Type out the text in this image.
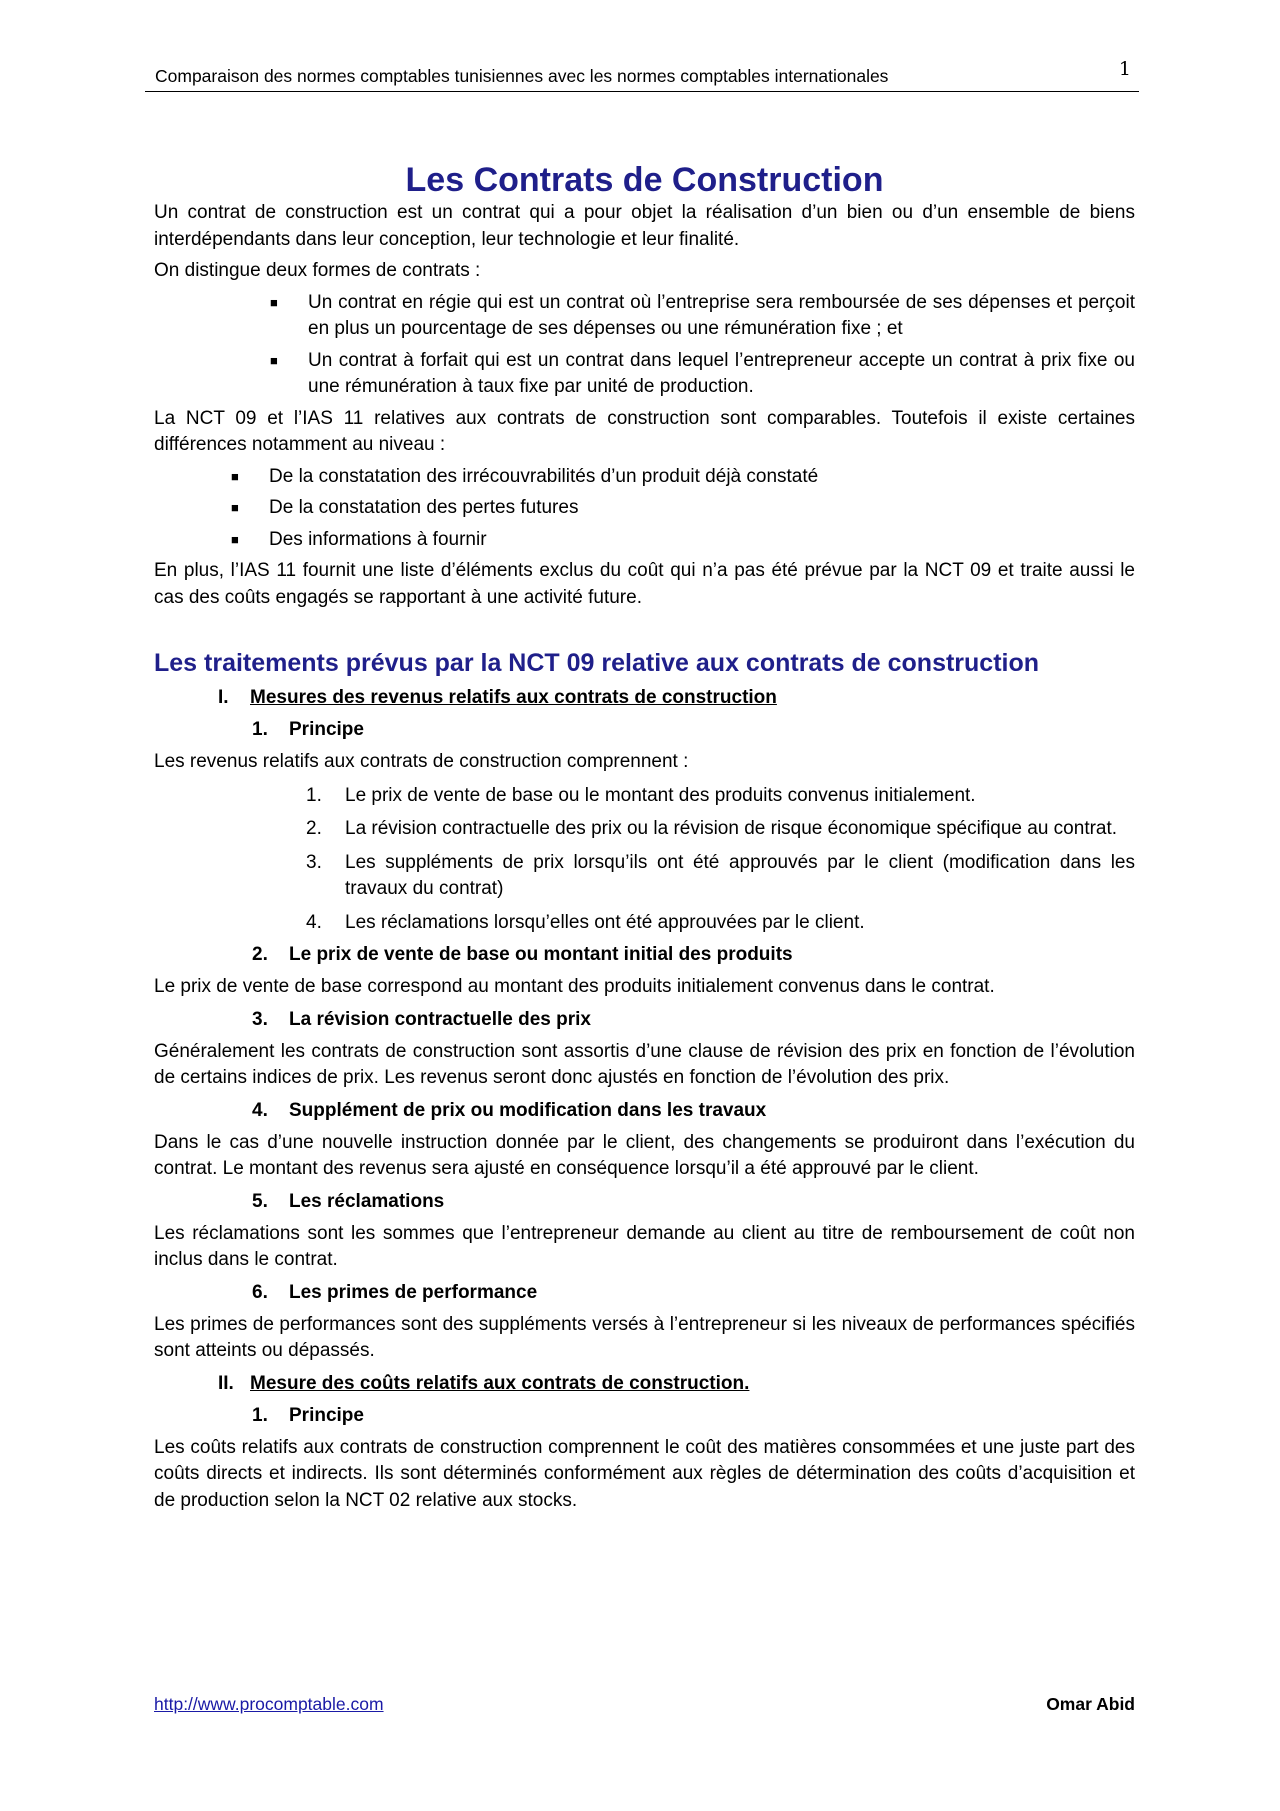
Comparaison des normes comptables tunisiennes avec les normes comptables internationales	1
Les Contrats de Construction

Un contrat de construction est un contrat qui a pour objet la réalisation d’un bien ou d’un ensemble de biens interdépendants dans leur conception, leur technologie et leur finalité.

On distingue deux formes de contrats :

■ Un contrat en régie qui est un contrat où l’entreprise sera remboursée de ses dépenses et perçoit en plus un pourcentage de ses dépenses ou une rémunération fixe ; et
■ Un contrat à forfait qui est un contrat dans lequel l’entrepreneur accepte un contrat à prix fixe ou une rémunération à taux fixe par unité de production.

La NCT 09 et l’IAS 11 relatives aux contrats de construction sont comparables. Toutefois il existe certaines différences notamment au niveau :

■ De la constatation des irrécouvrabilités d’un produit déjà constaté
■ De la constatation des pertes futures
■ Des informations à fournir

En plus, l’IAS 11 fournit une liste d’éléments exclus du coût qui n’a pas été prévue par la NCT 09 et traite aussi le cas des coûts engagés se rapportant à une activité future.

Les traitements prévus par la NCT 09 relative aux contrats de construction
I.	Mesures des revenus relatifs aux contrats de construction
1.	Principe

Les revenus relatifs aux contrats de construction comprennent :

1.	Le prix de vente de base ou le montant des produits convenus initialement.
2.	La révision contractuelle des prix ou la révision de risque économique spécifique au contrat.
3.	Les suppléments de prix lorsqu’ils ont été approuvés par le client (modification dans les travaux du contrat)
4.	Les réclamations lorsqu’elles ont été approuvées par le client.
2.	Le prix de vente de base ou montant initial des produits

Le prix de vente de base correspond au montant des produits initialement convenus dans le contrat.

3.	La révision contractuelle des prix

Généralement les contrats de construction sont assortis d’une clause de révision des prix en fonction de l’évolution de certains indices de prix. Les revenus seront donc ajustés en fonction de l’évolution des prix.

4.	Supplément de prix ou modification dans les travaux

Dans le cas d’une nouvelle instruction donnée par le client, des changements se produiront dans l’exécution du contrat. Le montant des revenus sera ajusté en conséquence lorsqu’il a été approuvé par le client.

5.	Les réclamations

Les réclamations sont les sommes que l’entrepreneur demande au client au titre de remboursement de coût non inclus dans le contrat.

6.	Les primes de performance

Les primes de performances sont des suppléments versés à l’entrepreneur si les niveaux de performances spécifiés sont atteints ou dépassés.

II. Mesure des coûts relatifs aux contrats de construction.
1.	Principe

Les coûts relatifs aux contrats de construction comprennent le coût des matières consommées et une juste part des coûts directs et indirects. Ils sont déterminés conformément aux règles de détermination des coûts d’acquisition et de production selon la NCT 02 relative aux stocks.

http://www.procomptable.com	Omar Abid
